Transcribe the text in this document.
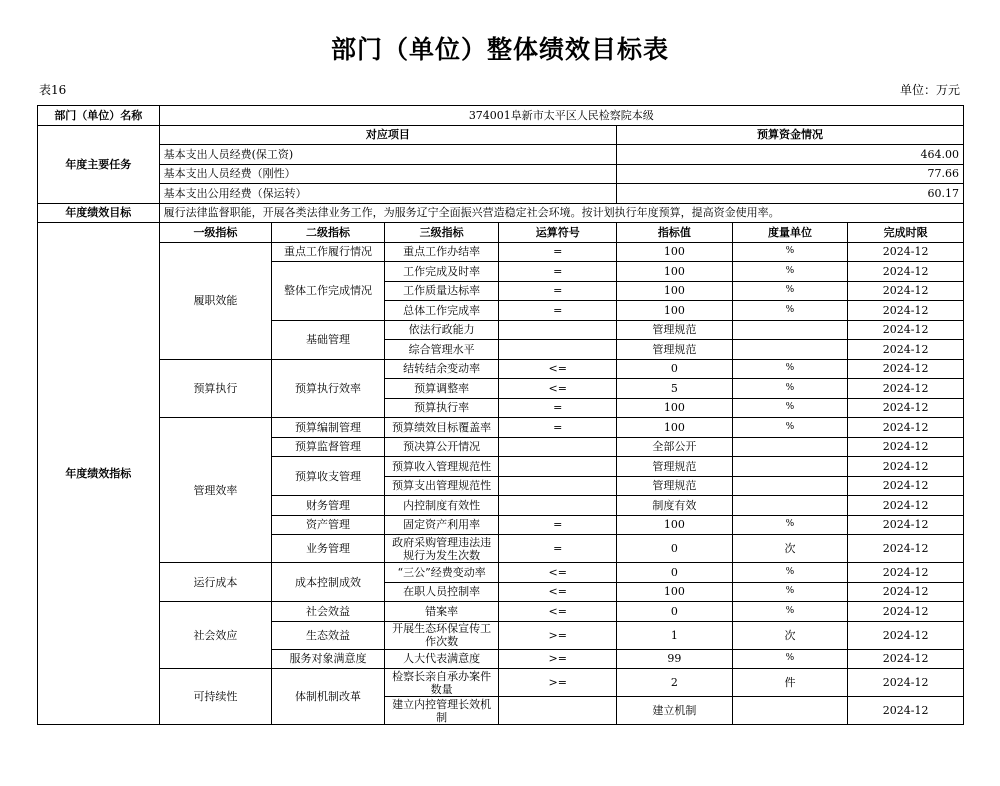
部门（单位）整体绩效目标表
表16	单位：万元
部门（单位）名称	374001阜新市太平区人民检察院本级						
年度主要任务	对应项目				预算资金情况		
	基本支出人员经费(保工资)				464.00		
	基本支出人员经费（刚性）				77.66		
	基本支出公用经费（保运转）				60.17		
年度绩效目标	履行法律监督职能，开展各类法律业务工作，为服务辽宁全面振兴营造稳定社会环境。按计划执行年度预算，提高资金使用率。						
年度绩效指标	一级指标	二级指标	三级指标	运算符号	指标值	度量单位	完成时限
	履职效能	重点工作履行情况	重点工作办结率	=	100	%	2024-12
		整体工作完成情况	工作完成及时率	=	100	%	2024-12
			工作质量达标率	=	100	%	2024-12
			总体工作完成率	=	100	%	2024-12
		基础管理	依法行政能力		管理规范		2024-12
			综合管理水平		管理规范		2024-12
	预算执行	预算执行效率	结转结余变动率	<=	0	%	2024-12
			预算调整率	<=	5	%	2024-12
			预算执行率	=	100	%	2024-12
	管理效率	预算编制管理	预算绩效目标覆盖率	=	100	%	2024-12
		预算监督管理	预决算公开情况		全部公开		2024-12
		预算收支管理	预算收入管理规范性		管理规范		2024-12
			预算支出管理规范性		管理规范		2024-12
		财务管理	内控制度有效性		制度有效		2024-12
		资产管理	固定资产利用率	=	100	%	2024-12
		业务管理	政府采购管理违法违规行为发生次数	=	0	次	2024-12
	运行成本	成本控制成效	“三公”经费变动率	<=	0	%	2024-12
			在职人员控制率	<=	100	%	2024-12
	社会效应	社会效益	错案率	<=	0	%	2024-12
		生态效益	开展生态环保宣传工作次数	>=	1	次	2024-12
		服务对象满意度	人大代表满意度	>=	99	%	2024-12
	可持续性	体制机制改革	检察长亲自承办案件数量	>=	2	件	2024-12
			建立内控管理长效机制		建立机制		2024-12
